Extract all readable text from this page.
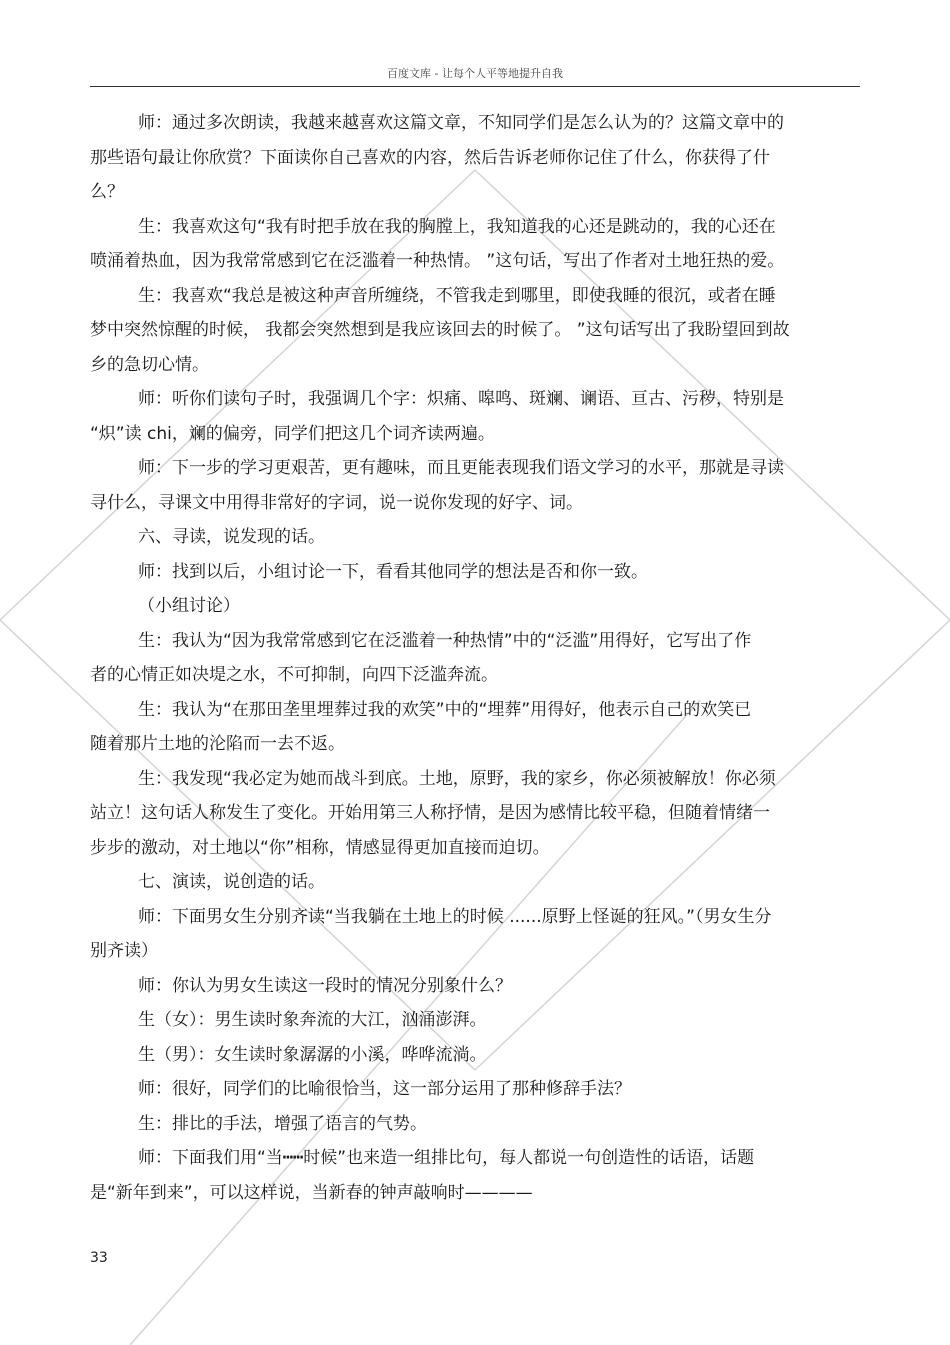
百度文库 - 让每个人平等地提升自我
师：通过多次朗读，我越来越喜欢这篇文章，不知同学们是怎么认为的？这篇文章中的
那些语句最让你欣赏？下面读你自己喜欢的内容，然后告诉老师你记住了什么，你获得了什
么？
生：我喜欢这句“我有时把手放在我的胸膛上，我知道我的心还是跳动的，我的心还在
喷涌着热血，因为我常常感到它在泛滥着一种热情。 ”这句话，写出了作者对土地狂热的爱。
生：我喜欢“我总是被这种声音所缠绕，不管我走到哪里，即使我睡的很沉，或者在睡
梦中突然惊醒的时候， 我都会突然想到是我应该回去的时候了。 ”这句话写出了我盼望回到故
乡的急切心情。
师：听你们读句子时，我强调几个字：炽痛、嗥鸣、斑斓、谰语、亘古、污秽，特别是
“炽”读 chi，斓的偏旁，同学们把这几个词齐读两遍。
师：下一步的学习更艰苦，更有趣味，而且更能表现我们语文学习的水平，那就是寻读
寻什么，寻课文中用得非常好的字词，说一说你发现的好字、词。
六、寻读，说发现的话。
师：找到以后，小组讨论一下，看看其他同学的想法是否和你一致。
（小组讨论）
生：我认为“因为我常常感到它在泛滥着一种热情”中的“泛滥”用得好，它写出了作
者的心情正如决堤之水，不可抑制，向四下泛滥奔流。
生：我认为“在那田垄里埋葬过我的欢笑”中的“埋葬”用得好，他表示自己的欢笑已
随着那片土地的沦陷而一去不返。
生：我发现“我必定为她而战斗到底。土地，原野，我的家乡，你必须被解放！你必须
站立！这句话人称发生了变化。开始用第三人称抒情，是因为感情比较平稳，但随着情绪一
步步的激动，对土地以“你”相称，情感显得更加直接而迫切。
七、演读，说创造的话。
师：下面男女生分别齐读“当我躺在土地上的时候 ......原野上怪诞的狂风。”（男女生分
别齐读）
师：你认为男女生读这一段时的情况分别象什么？
生（女）：男生读时象奔流的大江，汹涌澎湃。
生（男）：女生读时象潺潺的小溪，哗哗流淌。
师：很好，同学们的比喻很恰当，这一部分运用了那种修辞手法？
生：排比的手法，增强了语言的气势。
师：下面我们用“当┅┅时候”也来造一组排比句，每人都说一句创造性的话语，话题
是“新年到来”，可以这样说，当新春的钟声敲响时————
33
